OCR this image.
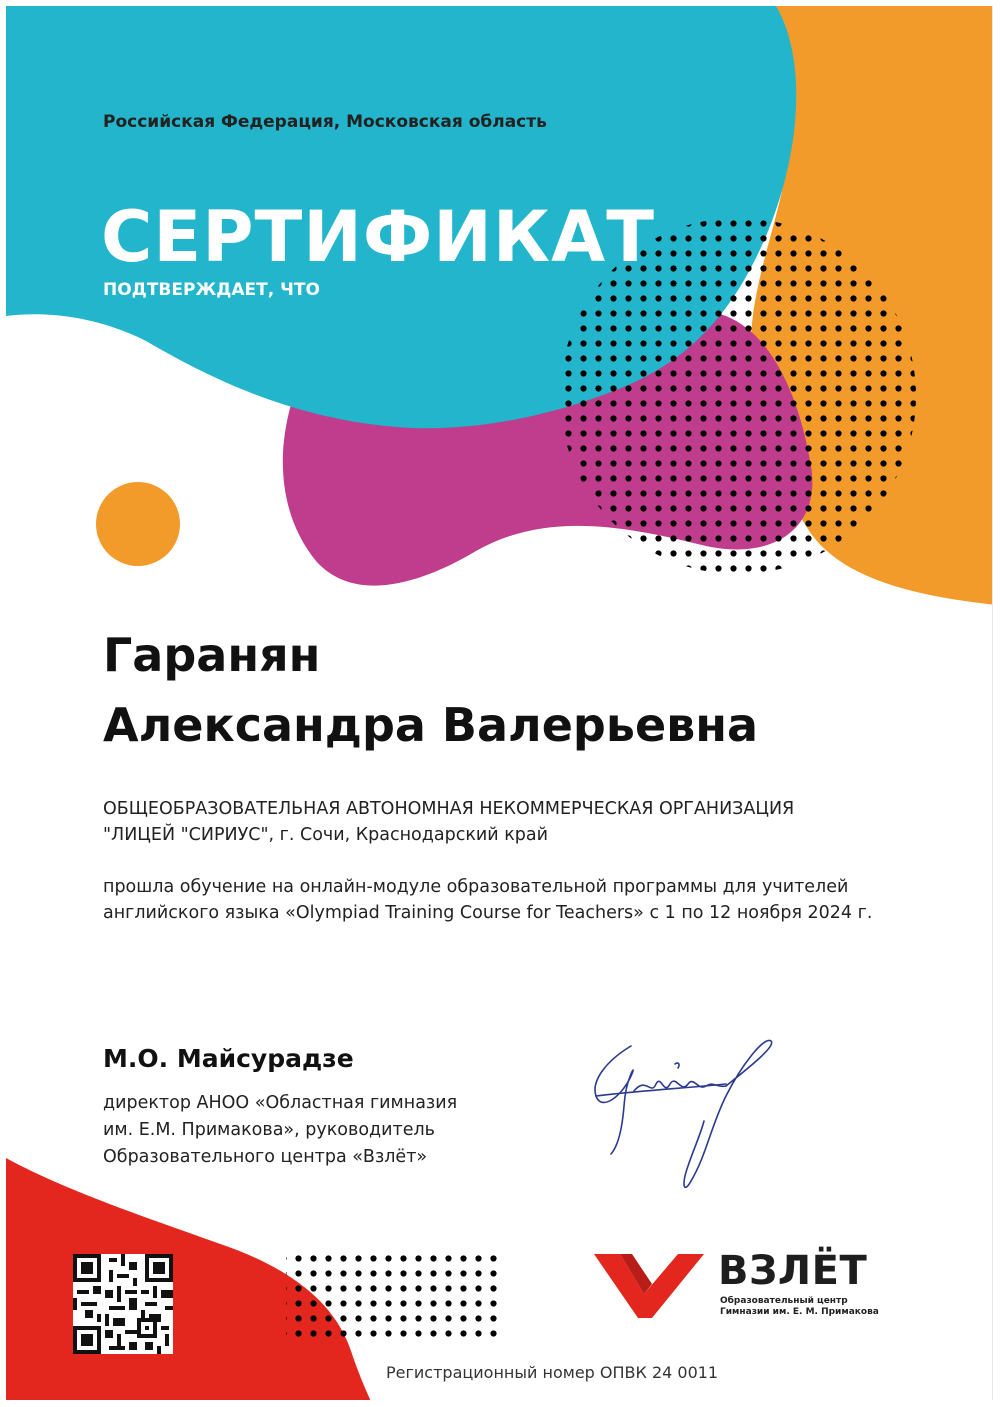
Российская Федерация, Московская область
СЕРТИФИКАТ
ПОДТВЕРЖДАЕТ, ЧТО
Гаранян
Александра Валерьевна
ОБЩЕОБРАЗОВАТЕЛЬНАЯ АВТОНОМНАЯ НЕКОММЕРЧЕСКАЯ ОРГАНИЗАЦИЯ
"ЛИЦЕЙ "СИРИУС", г. Сочи, Краснодарский край
прошла обучение на онлайн-модуле образовательной программы для учителей
английского языка «Olympiad Training Course for Teachers» с 1 по 12 ноября 2024 г.
М.О. Майсурадзе
директор АНОО «Областная гимназия
им. Е.М. Примакова», руководитель
Образовательного центра «Взлёт»
ВЗЛЁТ
Образовательный центр
Гимназии им. Е. М. Примакова
Регистрационный номер ОПВК 24 0011
